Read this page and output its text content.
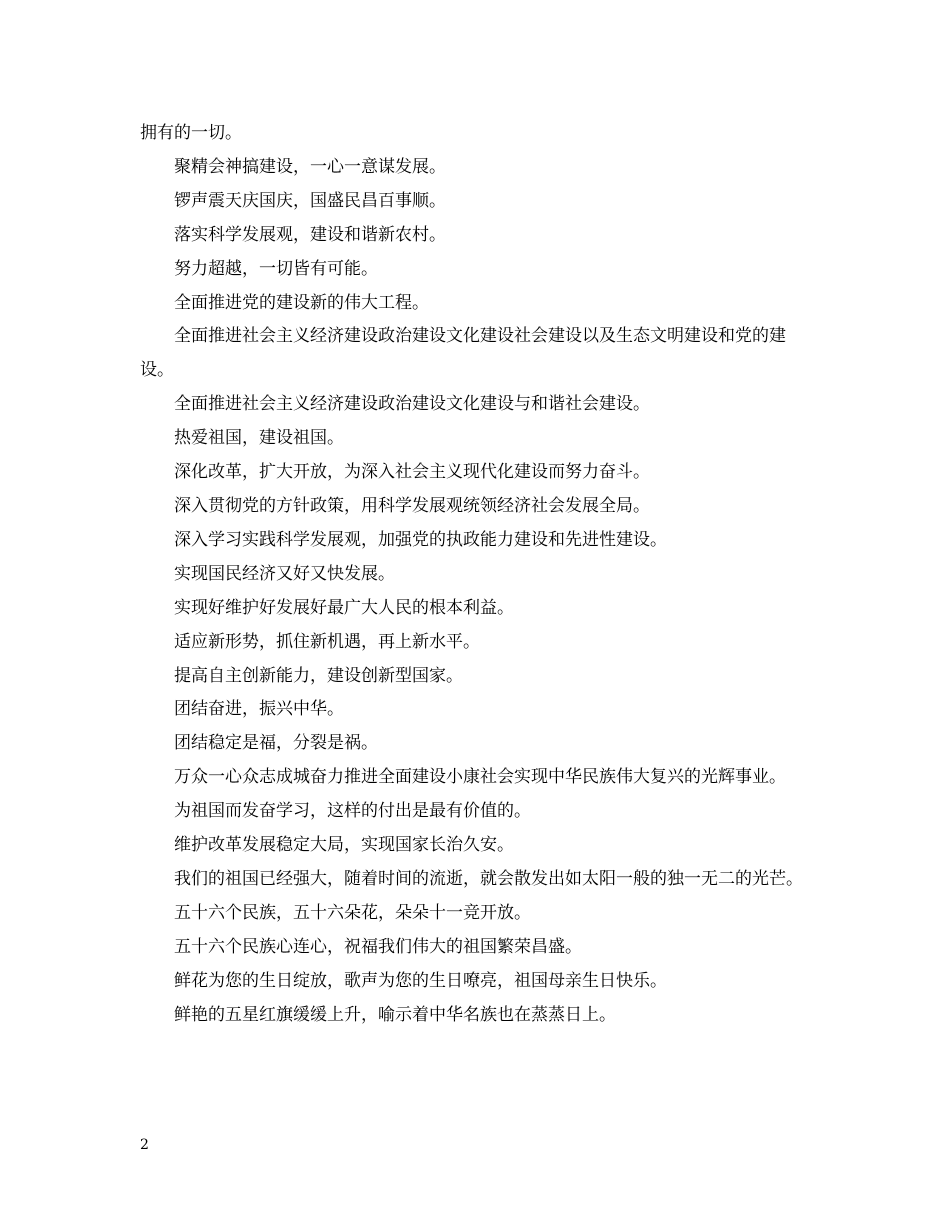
拥有的一切。

聚精会神搞建设，一心一意谋发展。

锣声震天庆国庆，国盛民昌百事顺。

落实科学发展观，建设和谐新农村。

努力超越，一切皆有可能。

全面推进党的建设新的伟大工程。

全面推进社会主义经济建设政治建设文化建设社会建设以及生态文明建设和党的建设。

全面推进社会主义经济建设政治建设文化建设与和谐社会建设。

热爱祖国，建设祖国。

深化改革，扩大开放，为深入社会主义现代化建设而努力奋斗。

深入贯彻党的方针政策，用科学发展观统领经济社会发展全局。

深入学习实践科学发展观，加强党的执政能力建设和先进性建设。

实现国民经济又好又快发展。

实现好维护好发展好最广大人民的根本利益。

适应新形势，抓住新机遇，再上新水平。

提高自主创新能力，建设创新型国家。

团结奋进，振兴中华。

团结稳定是福，分裂是祸。

万众一心众志成城奋力推进全面建设小康社会实现中华民族伟大复兴的光辉事业。

为祖国而发奋学习，这样的付出是最有价值的。

维护改革发展稳定大局，实现国家长治久安。

我们的祖国已经强大，随着时间的流逝，就会散发出如太阳一般的独一无二的光芒。

五十六个民族，五十六朵花，朵朵十一竞开放。

五十六个民族心连心，祝福我们伟大的祖国繁荣昌盛。

鲜花为您的生日绽放，歌声为您的生日嘹亮，祖国母亲生日快乐。

鲜艳的五星红旗缓缓上升，喻示着中华名族也在蒸蒸日上。

2
